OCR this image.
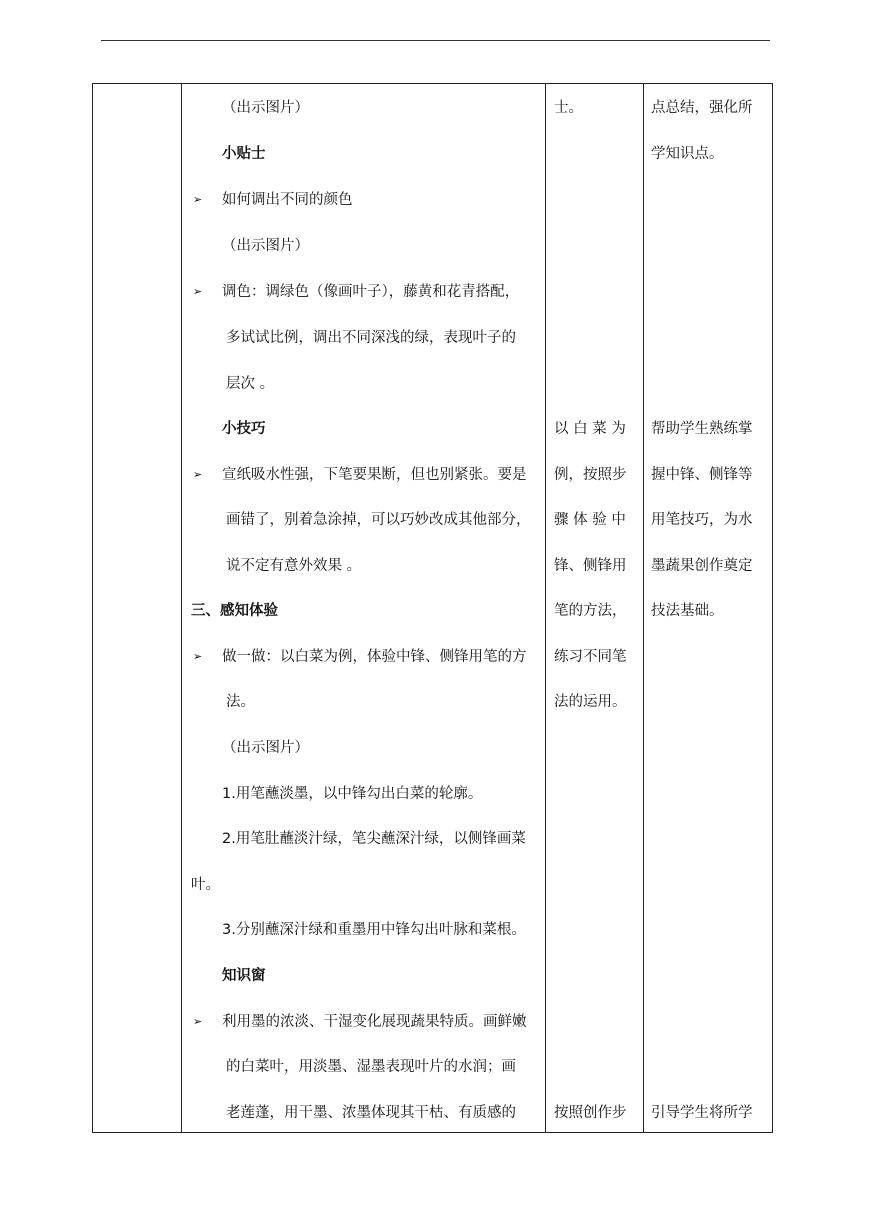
（出示图片）
小贴士
➢ 如何调出不同的颜色
（出示图片）
➢ 调色：调绿色（像画叶子），藤黄和花青搭配，
多试试比例，调出不同深浅的绿，表现叶子的
层次 。
小技巧
➢ 宣纸吸水性强，下笔要果断，但也别紧张。要是
画错了，别着急涂掉，可以巧妙改成其他部分，
说不定有意外效果 。
三、感知体验
➢ 做一做：以白菜为例，体验中锋、侧锋用笔的方
法。
（出示图片）
1.用笔蘸淡墨，以中锋勾出白菜的轮廓。
2.用笔肚蘸淡汁绿，笔尖蘸深汁绿，以侧锋画菜
叶。
3.分别蘸深汁绿和重墨用中锋勾出叶脉和菜根。
知识窗
➢ 利用墨的浓淡、干湿变化展现蔬果特质。画鲜嫩
的白菜叶，用淡墨、湿墨表现叶片的水润；画
老莲蓬，用干墨、浓墨体现其干枯、有质感的
士。
以 白 菜 为
例，按照步
骤 体 验 中
锋、侧锋用
笔的方法，
练习不同笔
法的运用。
按照创作步
点总结，强化所
学知识点。
帮助学生熟练掌
握中锋、侧锋等
用笔技巧，为水
墨蔬果创作奠定
技法基础。
引导学生将所学
